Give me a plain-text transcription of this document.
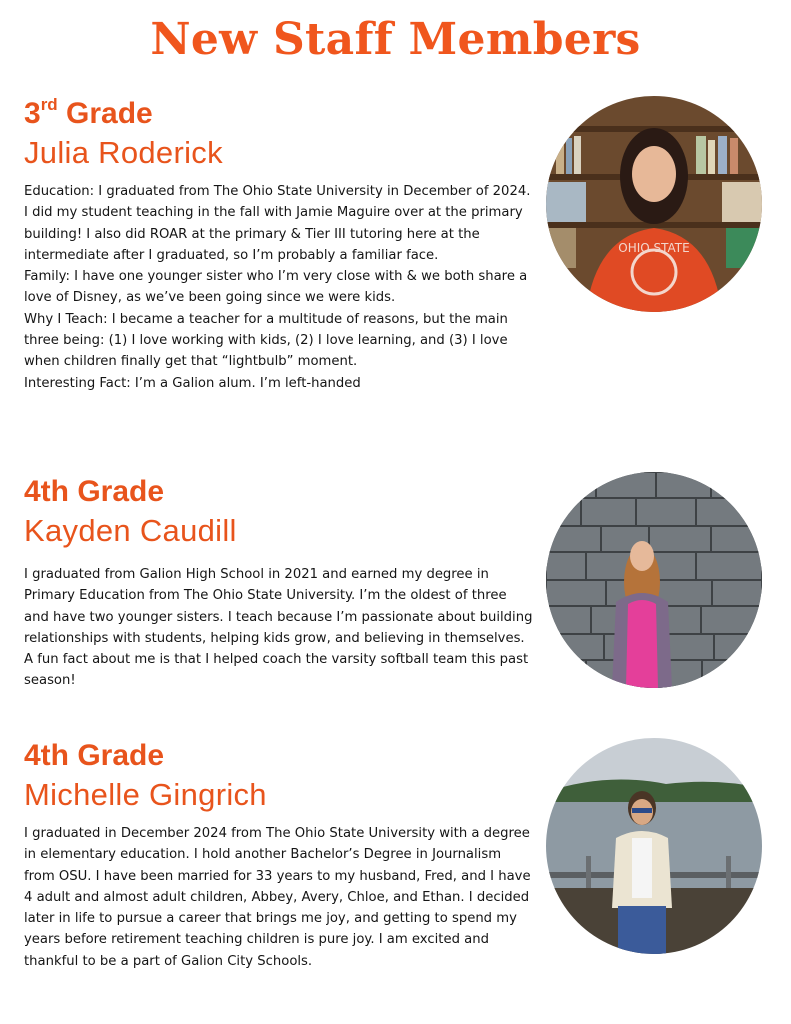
New Staff Members
3rd Grade
Julia Roderick

Education: I graduated from The Ohio State University in December of 2024. I did my student teaching in the fall with Jamie Maguire over at the primary building! I also did ROAR at the primary & Tier III tutoring here at the intermediate after I graduated, so I’m probably a familiar face.

Family: I have one younger sister who I’m very close with & we both share a love of Disney, as we’ve been going since we were kids.

Why I Teach: I became a teacher for a multitude of reasons, but the main three being: (1) I love working with kids, (2) I love learning, and (3) I love when children finally get that “lightbulb” moment.

Interesting Fact: I’m a Galion alum. I’m left-handed

OHIO STATE
4th Grade
Kayden Caudill

I graduated from Galion High School in 2021 and earned my degree in Primary Education from The Ohio State University. I’m the oldest of three and have two younger sisters. I teach because I’m passionate about building relationships with students, helping kids grow, and believing in themselves. A fun fact about me is that I helped coach the varsity softball team this past season!

4th Grade
Michelle Gingrich

I graduated in December 2024 from The Ohio State University with a degree in elementary education. I hold another Bachelor’s Degree in Journalism from OSU. I have been married for 33 years to my husband, Fred, and I have 4 adult and almost adult children, Abbey, Avery, Chloe, and Ethan. I decided later in life to pursue a career that brings me joy, and getting to spend my years before retirement teaching children is pure joy. I am excited and thankful to be a part of Galion City Schools.
